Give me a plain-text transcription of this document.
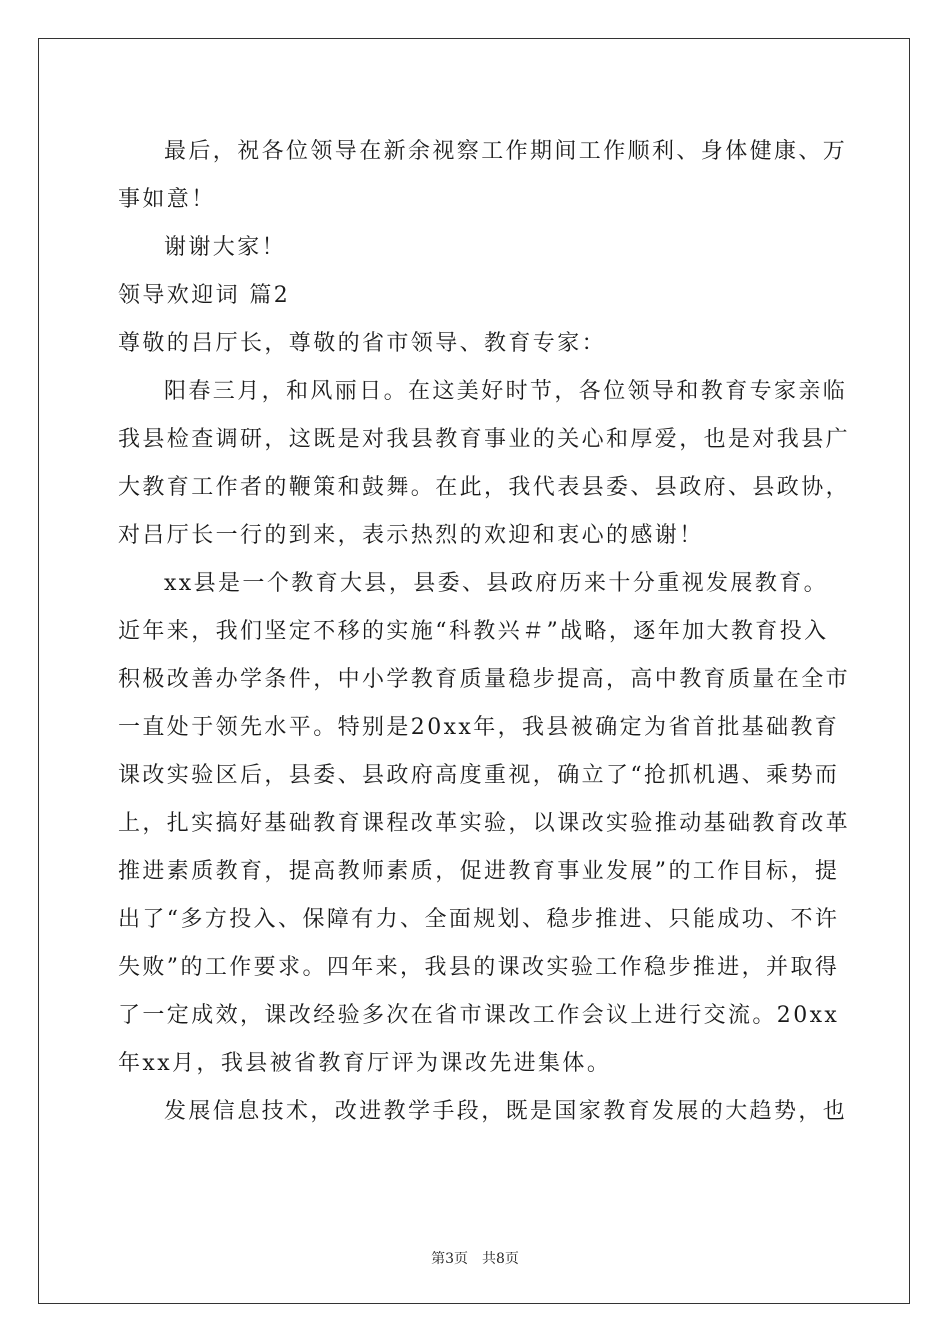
最后，祝各位领导在新余视察工作期间工作顺利、身体健康、万
事如意！
谢谢大家！
领导欢迎词 篇2
尊敬的吕厅长，尊敬的省市领导、教育专家：
阳春三月，和风丽日。在这美好时节，各位领导和教育专家亲临
我县检查调研，这既是对我县教育事业的关心和厚爱，也是对我县广
大教育工作者的鞭策和鼓舞。在此，我代表县委、县政府、县政协，
对吕厅长一行的到来，表示热烈的欢迎和衷心的感谢！
xx县是一个教育大县，县委、县政府历来十分重视发展教育。
近年来，我们坚定不移的实施“科教兴＃”战略，逐年加大教育投入
积极改善办学条件，中小学教育质量稳步提高，高中教育质量在全市
一直处于领先水平。特别是20xx年，我县被确定为省首批基础教育
课改实验区后，县委、县政府高度重视，确立了“抢抓机遇、乘势而
上，扎实搞好基础教育课程改革实验，以课改实验推动基础教育改革
推进素质教育，提高教师素质，促进教育事业发展”的工作目标，提
出了“多方投入、保障有力、全面规划、稳步推进、只能成功、不许
失败”的工作要求。四年来，我县的课改实验工作稳步推进，并取得
了一定成效，课改经验多次在省市课改工作会议上进行交流。20xx
年xx月，我县被省教育厅评为课改先进集体。
发展信息技术，改进教学手段，既是国家教育发展的大趋势，也
第3页　共8页
